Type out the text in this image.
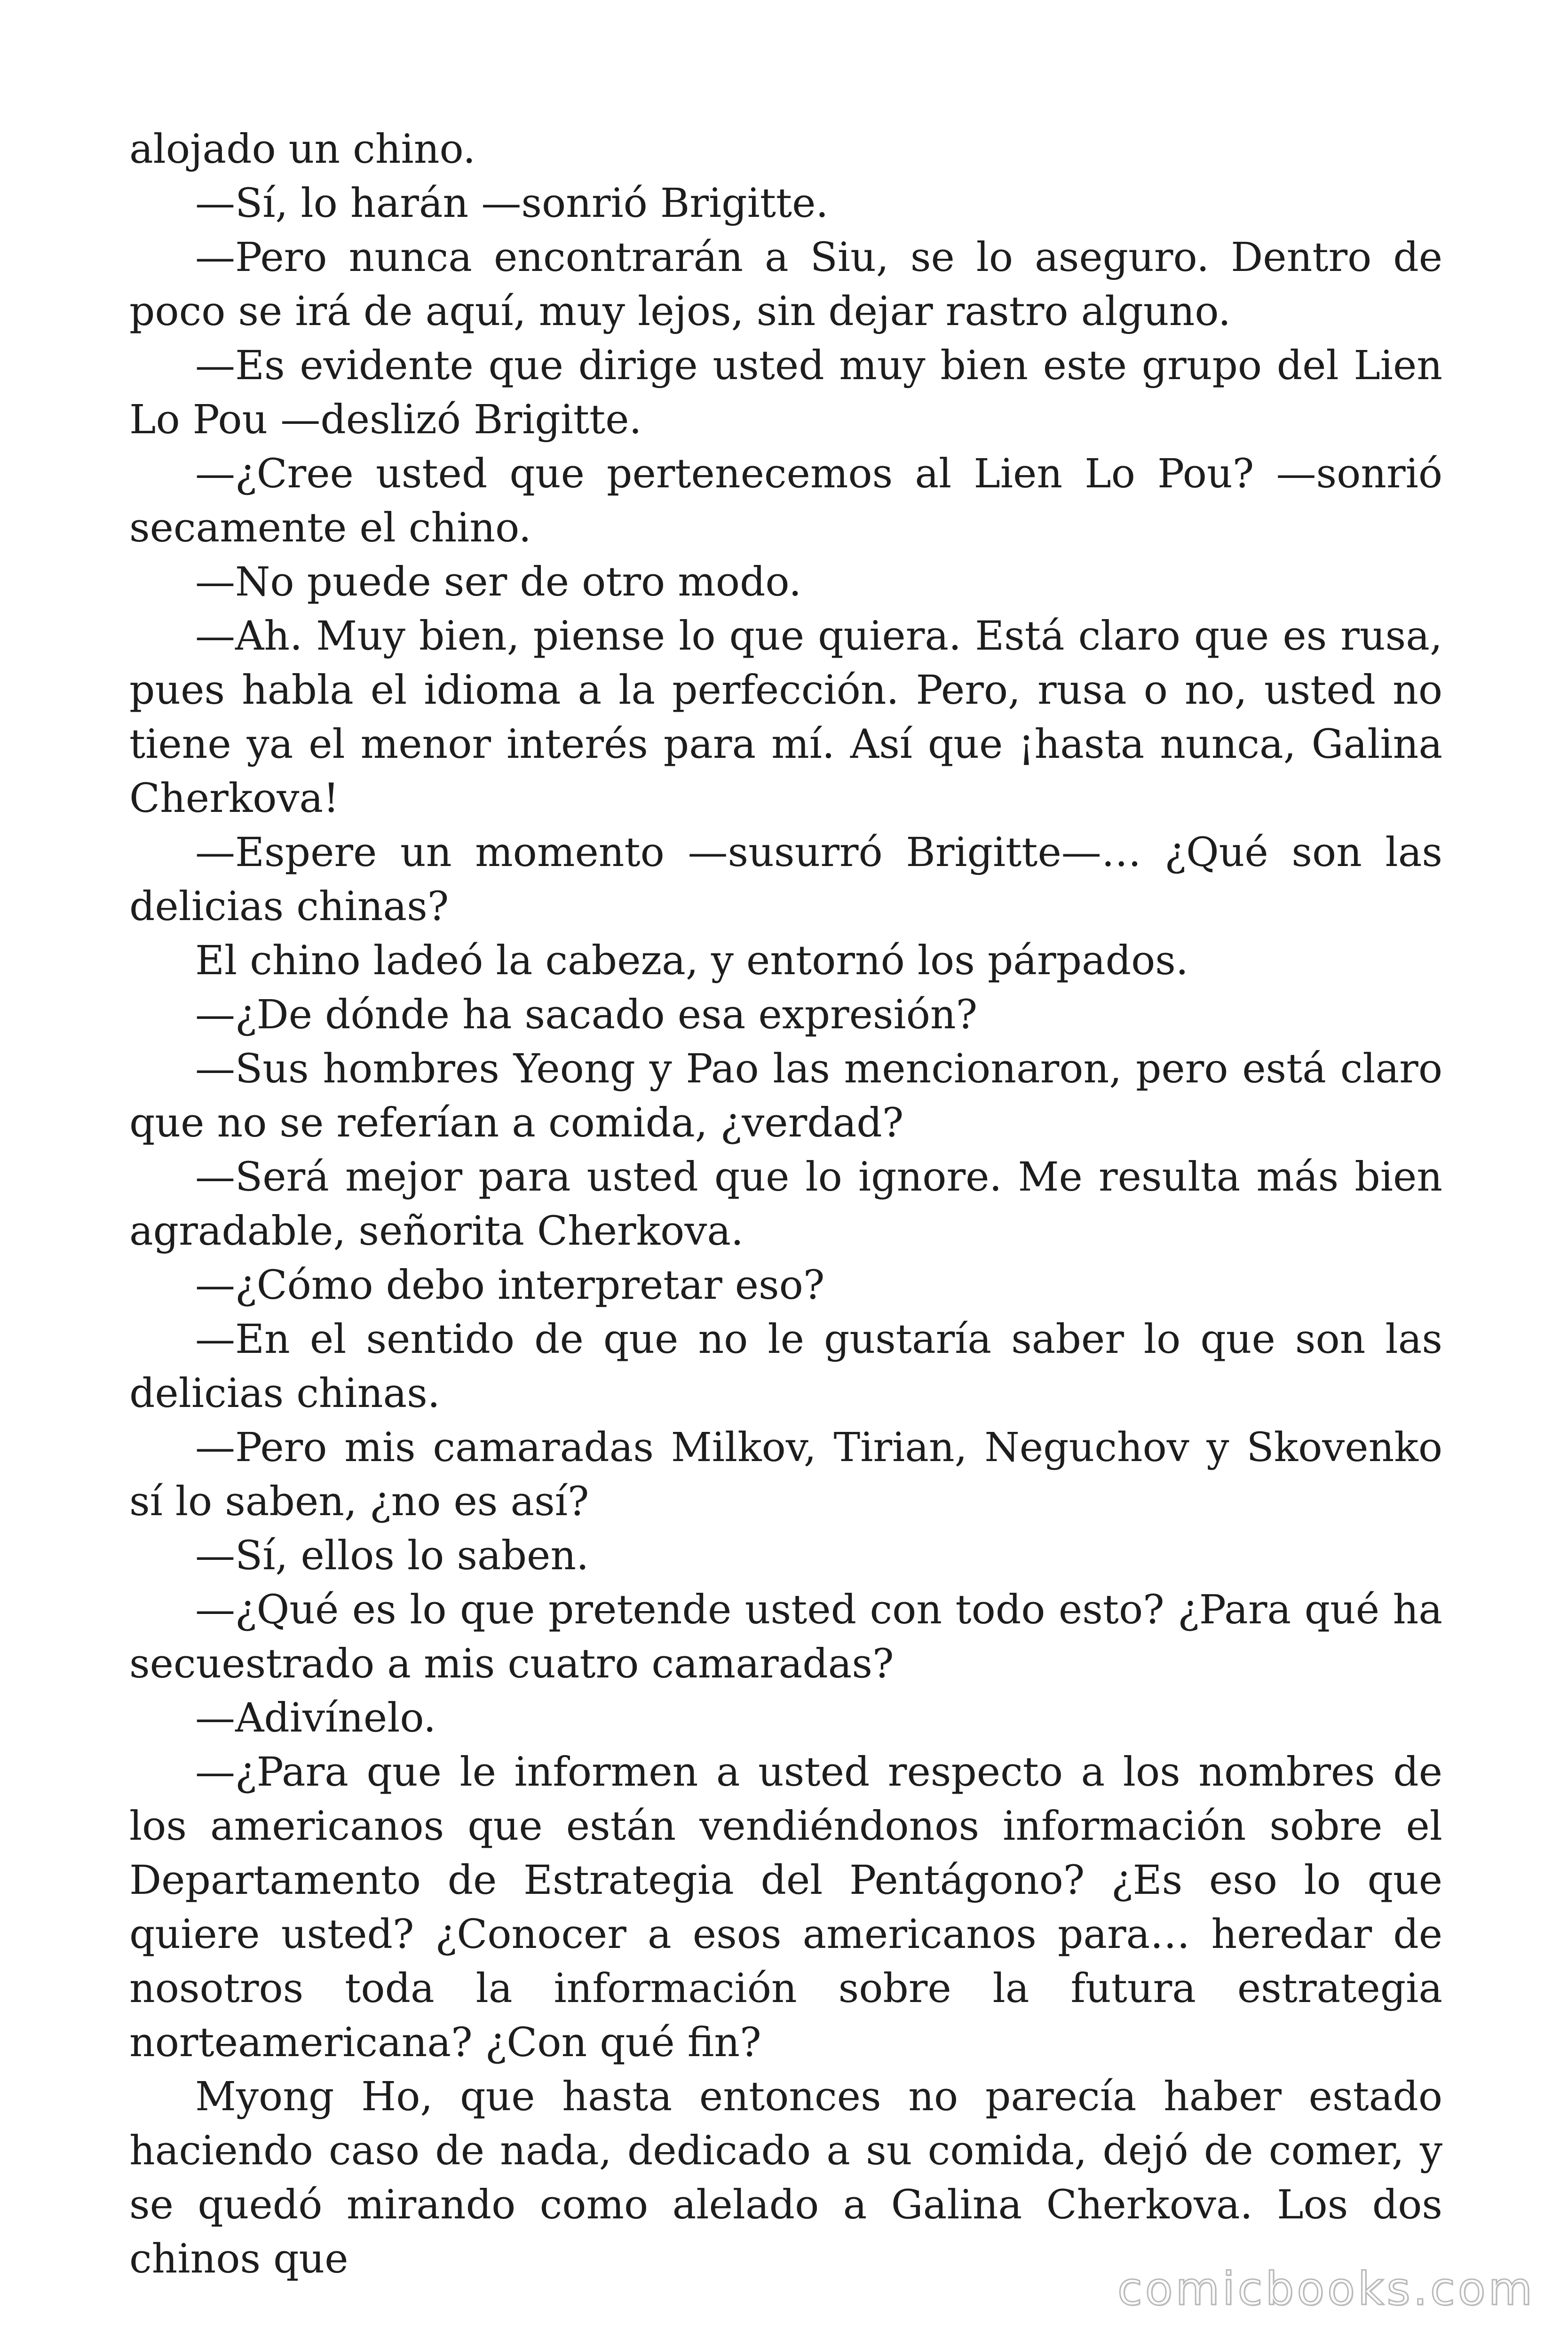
alojado un chino.

—Sí, lo harán —sonrió Brigitte.

—Pero nunca encontrarán a Siu, se lo aseguro. Dentro de poco se irá de aquí, muy lejos, sin dejar rastro alguno.

—Es evidente que dirige usted muy bien este grupo del Lien Lo Pou —deslizó Brigitte.

—¿Cree usted que pertenecemos al Lien Lo Pou? —sonrió secamente el chino.

—No puede ser de otro modo.

—Ah. Muy bien, piense lo que quiera. Está claro que es rusa, pues habla el idioma a la perfección. Pero, rusa o no, usted no tiene ya el menor interés para mí. Así que ¡hasta nunca, Galina Cherkova!

—Espere un momento —susurró Brigitte—… ¿Qué son las delicias chinas?

El chino ladeó la cabeza, y entornó los párpados.

—¿De dónde ha sacado esa expresión?

—Sus hombres Yeong y Pao las mencionaron, pero está claro que no se referían a comida, ¿verdad?

—Será mejor para usted que lo ignore. Me resulta más bien agradable, señorita Cherkova.

—¿Cómo debo interpretar eso?

—En el sentido de que no le gustaría saber lo que son las delicias chinas.

—Pero mis camaradas Milkov, Tirian, Neguchov y Skovenko sí lo saben, ¿no es así?

—Sí, ellos lo saben.

—¿Qué es lo que pretende usted con todo esto? ¿Para qué ha secuestrado a mis cuatro camaradas?

—Adivínelo.

—¿Para que le informen a usted respecto a los nombres de los americanos que están vendiéndonos información sobre el Departamento de Estrategia del Pentágono? ¿Es eso lo que quiere usted? ¿Conocer a esos americanos para… heredar de nosotros toda la información sobre la futura estrategia norteamericana? ¿Con qué fin?

Myong Ho, que hasta entonces no parecía haber estado haciendo caso de nada, dedicado a su comida, dejó de comer, y se quedó mirando como alelado a Galina Cherkova. Los dos chinos que

comicbooks.com
